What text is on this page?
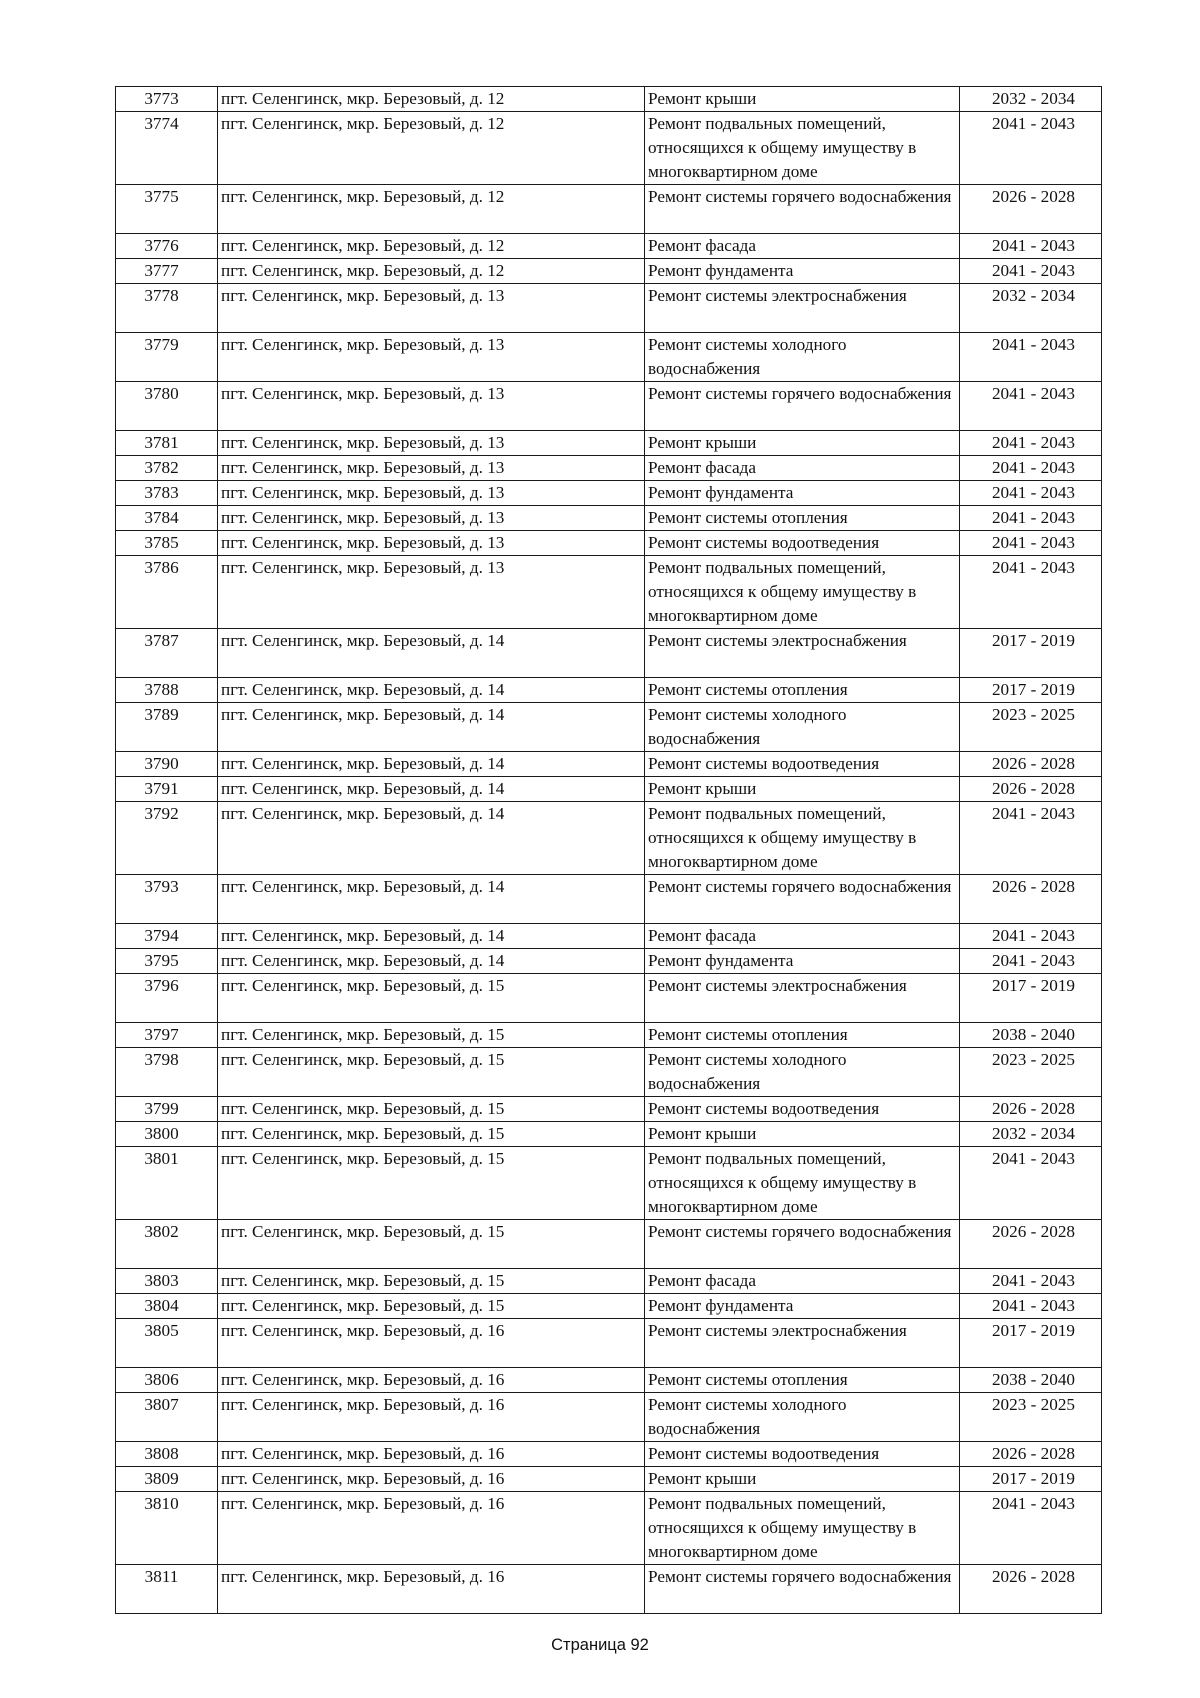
3773	пгт. Селенгинск, мкр. Березовый, д. 12	Ремонт крыши	2032 - 2034
3774	пгт. Селенгинск, мкр. Березовый, д. 12	Ремонт подвальных помещений, относящихся к общему имуществу в многоквартирном доме	2041 - 2043
3775	пгт. Селенгинск, мкр. Березовый, д. 12	Ремонт системы горячего водоснабжения	2026 - 2028
3776	пгт. Селенгинск, мкр. Березовый, д. 12	Ремонт фасада	2041 - 2043
3777	пгт. Селенгинск, мкр. Березовый, д. 12	Ремонт фундамента	2041 - 2043
3778	пгт. Селенгинск, мкр. Березовый, д. 13	Ремонт системы электроснабжения	2032 - 2034
3779	пгт. Селенгинск, мкр. Березовый, д. 13	Ремонт системы холодного водоснабжения	2041 - 2043
3780	пгт. Селенгинск, мкр. Березовый, д. 13	Ремонт системы горячего водоснабжения	2041 - 2043
3781	пгт. Селенгинск, мкр. Березовый, д. 13	Ремонт крыши	2041 - 2043
3782	пгт. Селенгинск, мкр. Березовый, д. 13	Ремонт фасада	2041 - 2043
3783	пгт. Селенгинск, мкр. Березовый, д. 13	Ремонт фундамента	2041 - 2043
3784	пгт. Селенгинск, мкр. Березовый, д. 13	Ремонт системы отопления	2041 - 2043
3785	пгт. Селенгинск, мкр. Березовый, д. 13	Ремонт системы водоотведения	2041 - 2043
3786	пгт. Селенгинск, мкр. Березовый, д. 13	Ремонт подвальных помещений, относящихся к общему имуществу в многоквартирном доме	2041 - 2043
3787	пгт. Селенгинск, мкр. Березовый, д. 14	Ремонт системы электроснабжения	2017 - 2019
3788	пгт. Селенгинск, мкр. Березовый, д. 14	Ремонт системы отопления	2017 - 2019
3789	пгт. Селенгинск, мкр. Березовый, д. 14	Ремонт системы холодного водоснабжения	2023 - 2025
3790	пгт. Селенгинск, мкр. Березовый, д. 14	Ремонт системы водоотведения	2026 - 2028
3791	пгт. Селенгинск, мкр. Березовый, д. 14	Ремонт крыши	2026 - 2028
3792	пгт. Селенгинск, мкр. Березовый, д. 14	Ремонт подвальных помещений, относящихся к общему имуществу в многоквартирном доме	2041 - 2043
3793	пгт. Селенгинск, мкр. Березовый, д. 14	Ремонт системы горячего водоснабжения	2026 - 2028
3794	пгт. Селенгинск, мкр. Березовый, д. 14	Ремонт фасада	2041 - 2043
3795	пгт. Селенгинск, мкр. Березовый, д. 14	Ремонт фундамента	2041 - 2043
3796	пгт. Селенгинск, мкр. Березовый, д. 15	Ремонт системы электроснабжения	2017 - 2019
3797	пгт. Селенгинск, мкр. Березовый, д. 15	Ремонт системы отопления	2038 - 2040
3798	пгт. Селенгинск, мкр. Березовый, д. 15	Ремонт системы холодного водоснабжения	2023 - 2025
3799	пгт. Селенгинск, мкр. Березовый, д. 15	Ремонт системы водоотведения	2026 - 2028
3800	пгт. Селенгинск, мкр. Березовый, д. 15	Ремонт крыши	2032 - 2034
3801	пгт. Селенгинск, мкр. Березовый, д. 15	Ремонт подвальных помещений, относящихся к общему имуществу в многоквартирном доме	2041 - 2043
3802	пгт. Селенгинск, мкр. Березовый, д. 15	Ремонт системы горячего водоснабжения	2026 - 2028
3803	пгт. Селенгинск, мкр. Березовый, д. 15	Ремонт фасада	2041 - 2043
3804	пгт. Селенгинск, мкр. Березовый, д. 15	Ремонт фундамента	2041 - 2043
3805	пгт. Селенгинск, мкр. Березовый, д. 16	Ремонт системы электроснабжения	2017 - 2019
3806	пгт. Селенгинск, мкр. Березовый, д. 16	Ремонт системы отопления	2038 - 2040
3807	пгт. Селенгинск, мкр. Березовый, д. 16	Ремонт системы холодного водоснабжения	2023 - 2025
3808	пгт. Селенгинск, мкр. Березовый, д. 16	Ремонт системы водоотведения	2026 - 2028
3809	пгт. Селенгинск, мкр. Березовый, д. 16	Ремонт крыши	2017 - 2019
3810	пгт. Селенгинск, мкр. Березовый, д. 16	Ремонт подвальных помещений, относящихся к общему имуществу в многоквартирном доме	2041 - 2043
3811	пгт. Селенгинск, мкр. Березовый, д. 16	Ремонт системы горячего водоснабжения	2026 - 2028
Страница 92
